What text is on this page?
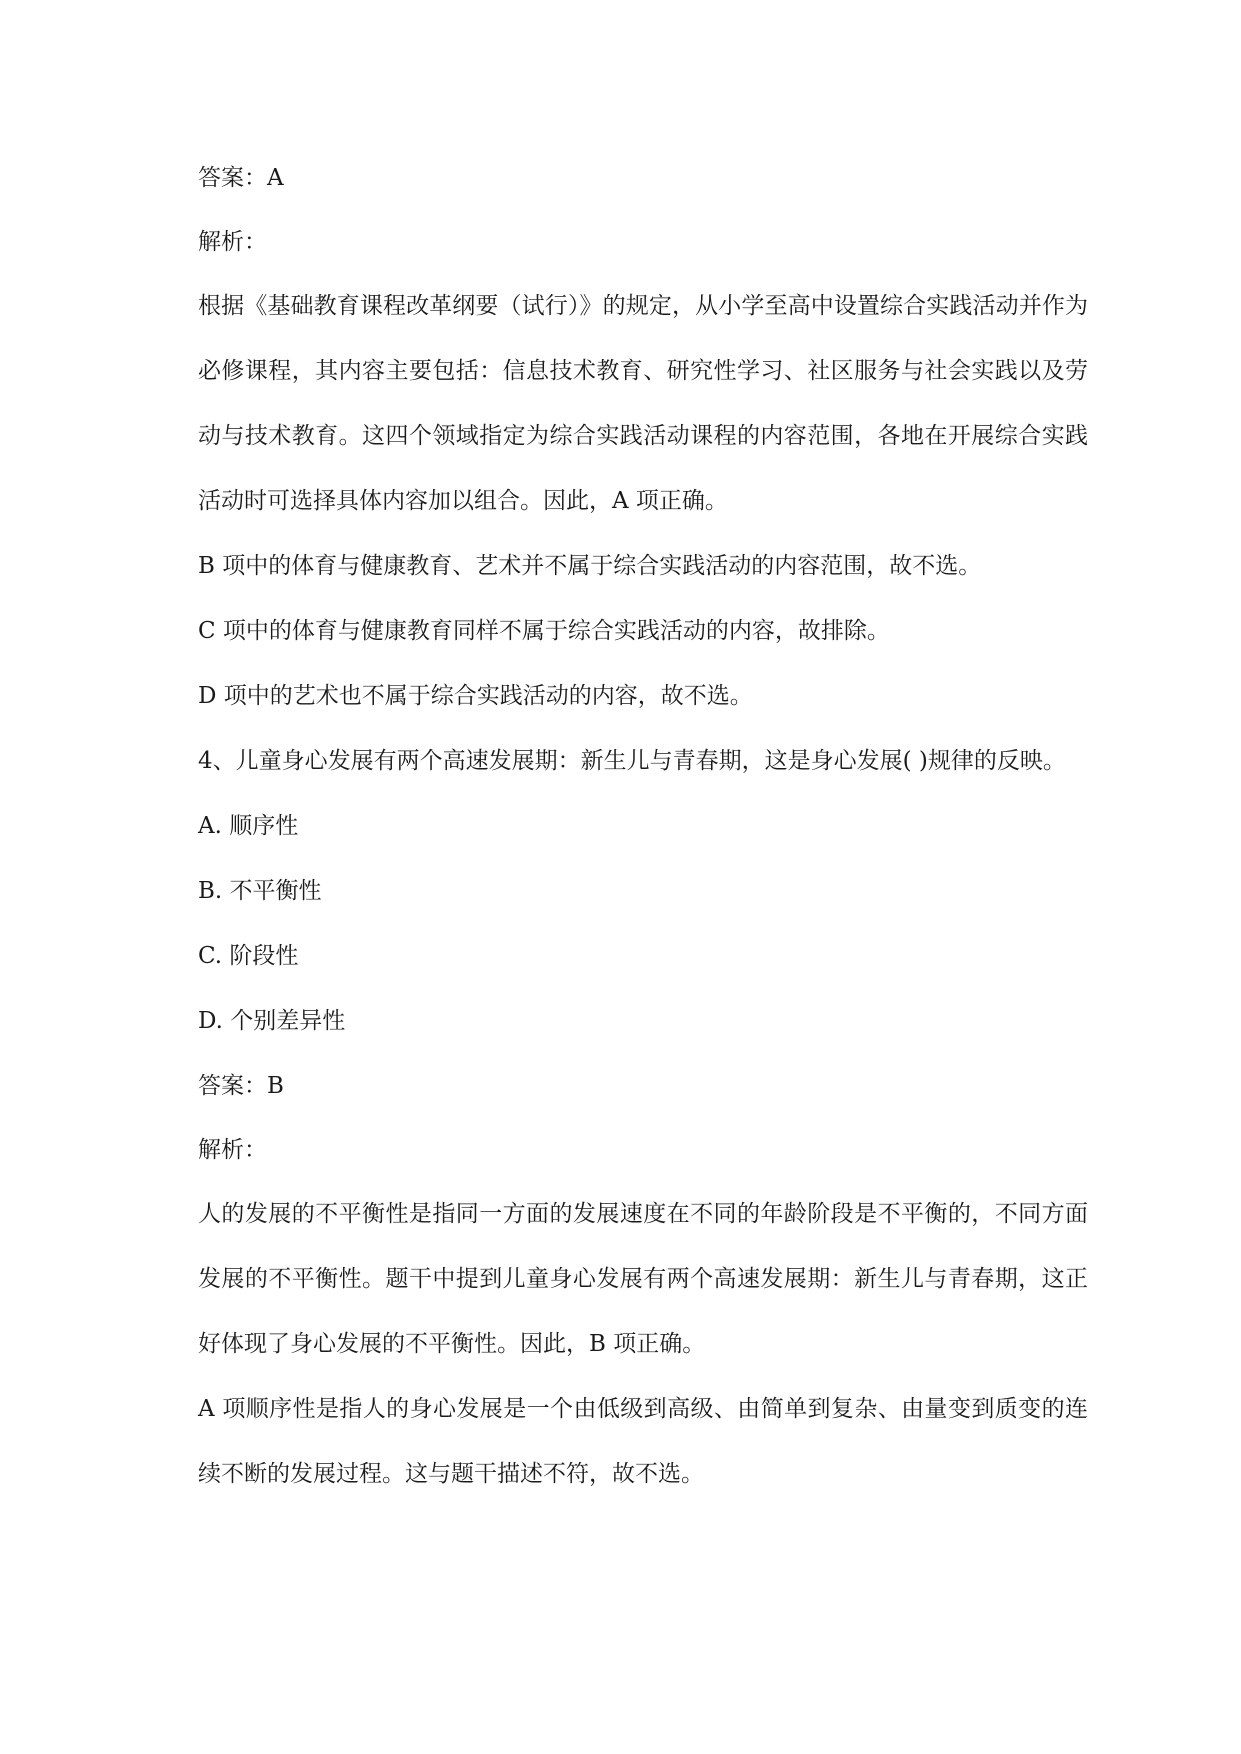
答案：A

解析：

根据《基础教育课程改革纲要（试行）》的规定，从小学至高中设置综合实践活动并作为必修课程，其内容主要包括：信息技术教育、研究性学习、社区服务与社会实践以及劳动与技术教育。这四个领域指定为综合实践活动课程的内容范围，各地在开展综合实践活动时可选择具体内容加以组合。因此，A 项正确。

B 项中的体育与健康教育、艺术并不属于综合实践活动的内容范围，故不选。

C 项中的体育与健康教育同样不属于综合实践活动的内容，故排除。

D 项中的艺术也不属于综合实践活动的内容，故不选。

4、儿童身心发展有两个高速发展期：新生儿与青春期，这是身心发展( )规律的反映。

A. 顺序性

B. 不平衡性

C. 阶段性

D. 个别差异性

答案：B

解析：

人的发展的不平衡性是指同一方面的发展速度在不同的年龄阶段是不平衡的，不同方面发展的不平衡性。题干中提到儿童身心发展有两个高速发展期：新生儿与青春期，这正好体现了身心发展的不平衡性。因此，B 项正确。

A 项顺序性是指人的身心发展是一个由低级到高级、由简单到复杂、由量变到质变的连续不断的发展过程。这与题干描述不符，故不选。
